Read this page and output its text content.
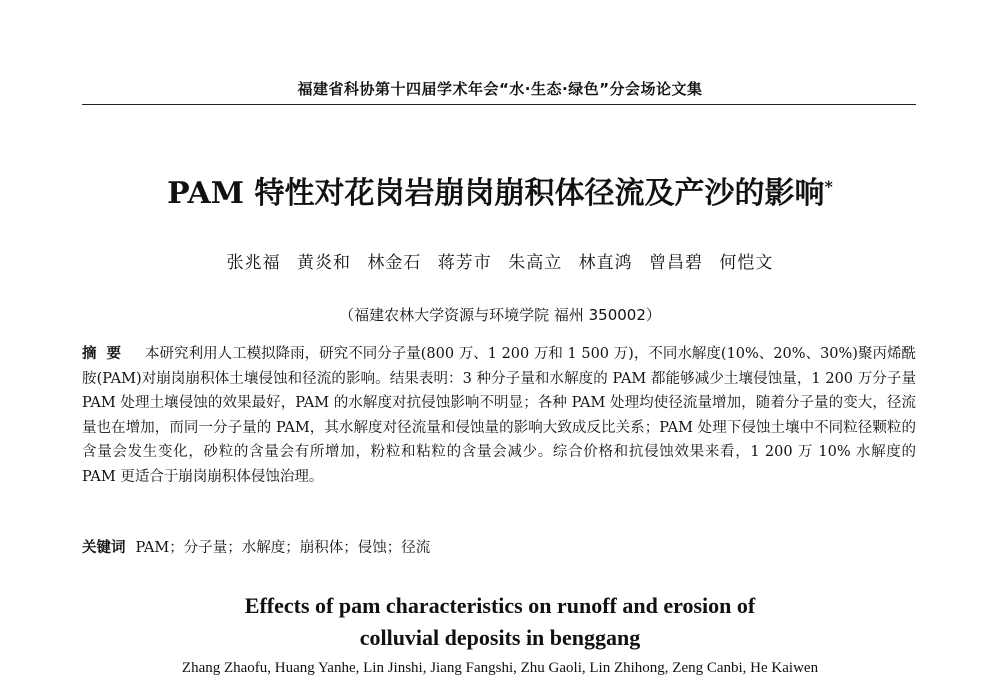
福建省科协第十四届学术年会“水·生态·绿色”分会场论文集
PAM 特性对花岗岩崩岗崩积体径流及产沙的影响*
张兆福 黄炎和 林金石 蒋芳市 朱高立 林直鸿 曾昌碧 何恺文
（福建农林大学资源与环境学院 福州 350002）
摘要 本研究利用人工模拟降雨，研究不同分子量(800 万、1 200 万和 1 500 万)，不同水解度(10%、20%、30%)聚丙烯酰胺(PAM)对崩岗崩积体土壤侵蚀和径流的影响。结果表明：3 种分子量和水解度的 PAM 都能够减少土壤侵蚀量，1 200 万分子量 PAM 处理土壤侵蚀的效果最好，PAM 的水解度对抗侵蚀影响不明显；各种 PAM 处理均使径流量增加，随着分子量的变大，径流量也在增加，而同一分子量的 PAM，其水解度对径流量和侵蚀量的影响大致成反比关系；PAM 处理下侵蚀土壤中不同粒径颗粒的含量会发生变化，砂粒的含量会有所增加，粉粒和粘粒的含量会减少。综合价格和抗侵蚀效果来看，1 200 万 10% 水解度的 PAM 更适合于崩岗崩积体侵蚀治理。
关键词 PAM；分子量；水解度；崩积体；侵蚀；径流
Effects of pam characteristics on runoff and erosion of
colluvial deposits in benggang
Zhang Zhaofu, Huang Yanhe, Lin Jinshi, Jiang Fangshi, Zhu Gaoli, Lin Zhihong, Zeng Canbi, He Kaiwen
